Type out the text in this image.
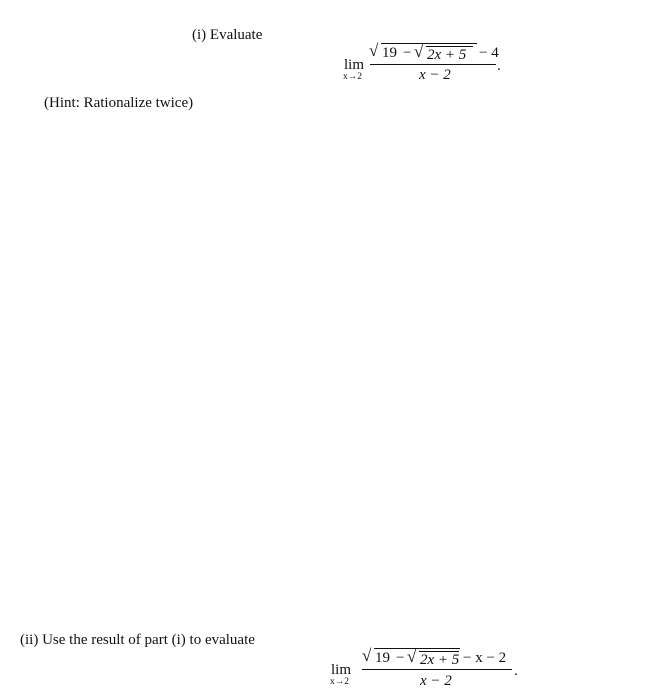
(i) Evaluate
lim
x→2
√ 19 − √ 2x + 5 − 4
x − 2
.
(Hint: Rationalize twice)
(ii) Use the result of part (i) to evaluate
lim
x→2
√ 19 − √ 2x + 5 − x − 2
x − 2
.
